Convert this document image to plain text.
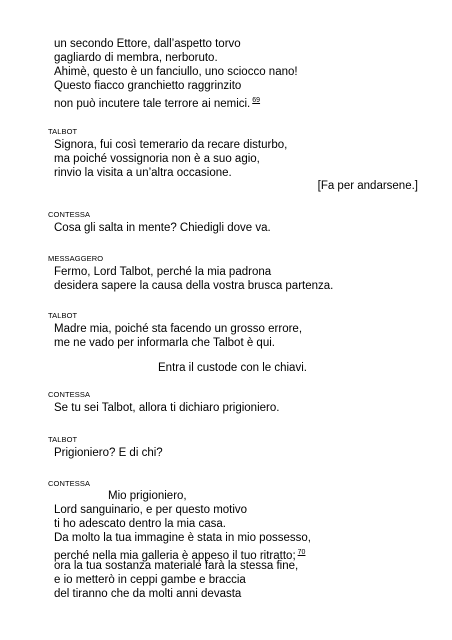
un secondo Ettore, dall’aspetto torvo
gagliardo di membra, nerboruto.
Ahimè, questo è un fanciullo, uno sciocco nano!
Questo fiacco granchietto raggrinzito
non può incutere tale terrore ai nemici. $^{69}$
TALBOT
Signora, fui così temerario da recare disturbo,
ma poiché vossignoria non è a suo agio,
rinvio la visita a un’altra occasione.
[Fa per andarsene.]
CONTESSA
Cosa gli salta in mente? Chiedigli dove va.
MESSAGGERO
Fermo, Lord Talbot, perché la mia padrona
desidera sapere la causa della vostra brusca partenza.
TALBOT
Madre mia, poiché sta facendo un grosso errore,
me ne vado per informarla che Talbot è qui.
Entra il custode con le chiavi.
CONTESSA
Se tu sei Talbot, allora ti dichiaro prigioniero.
TALBOT
Prigioniero? E di chi?
CONTESSA
Mio prigioniero,
Lord sanguinario, e per questo motivo
ti ho adescato dentro la mia casa.
Da molto la tua immagine è stata in mio possesso,
perché nella mia galleria è appeso il tuo ritratto; $^{70}$
ora la tua sostanza materiale farà la stessa fine,
e io metterò in ceppi gambe e braccia
del tiranno che da molti anni devasta
